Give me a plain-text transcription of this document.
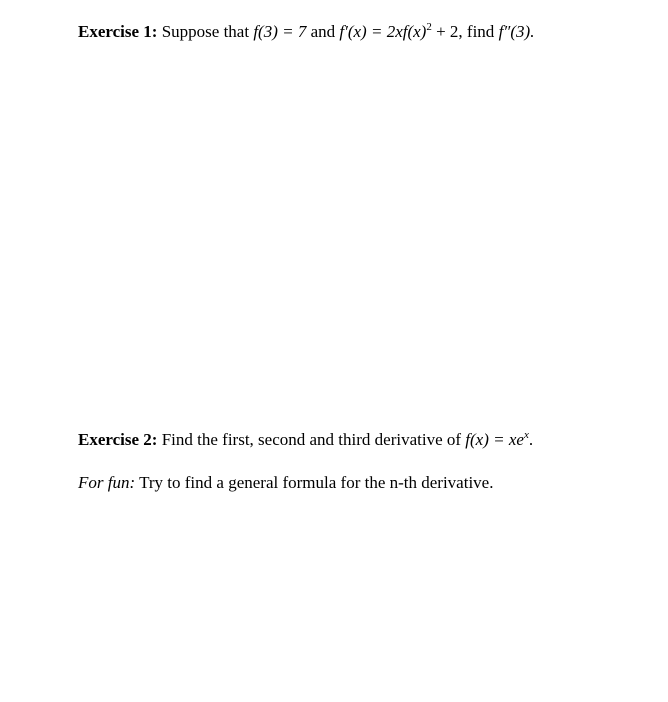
Exercise 1: Suppose that f(3) = 7 and $f'(x) = 2xf(x)^2 + 2$, find f″(3).
Exercise 2: Find the first, second and third derivative of $f(x) = xe^x$.
For fun: Try to find a general formula for the n-th derivative.
